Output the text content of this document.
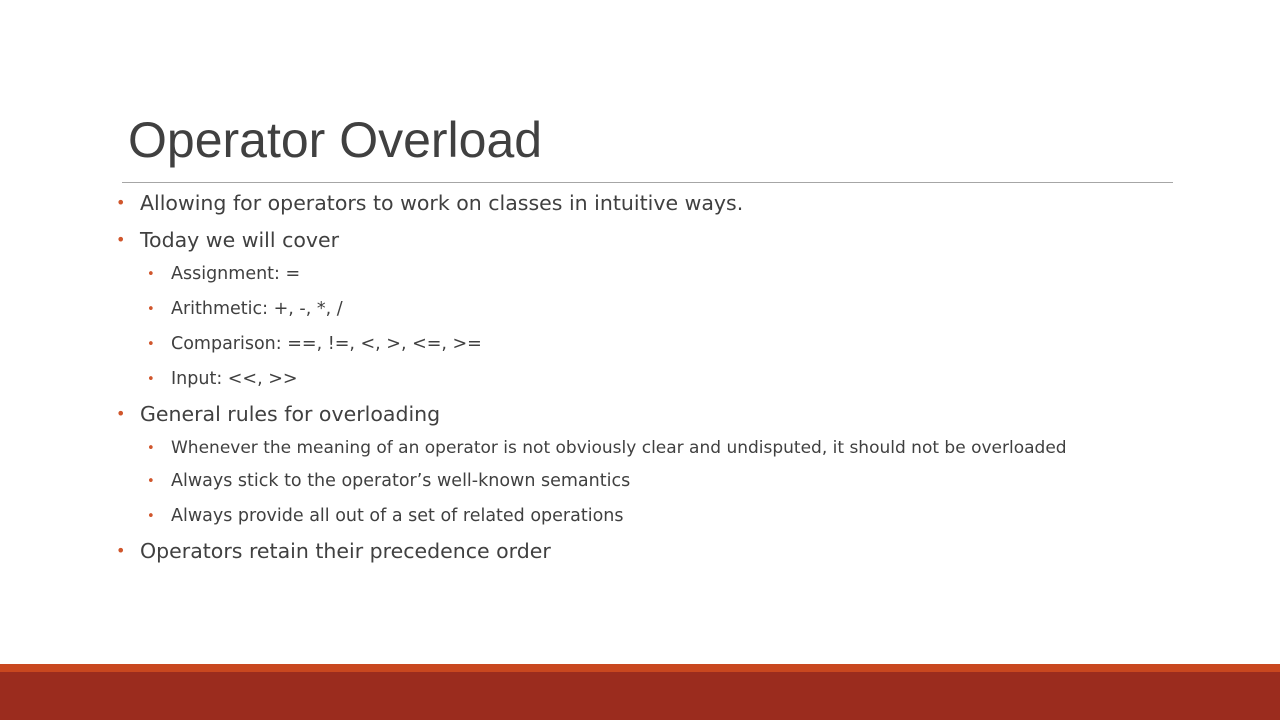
Operator Overload
• Allowing for operators to work on classes in intuitive ways.
• Today we will cover
• Assignment: =
• Arithmetic: +, -, *, /
• Comparison: ==, !=, <, >, <=, >=
• Input: <<, >>
• General rules for overloading
• Whenever the meaning of an operator is not obviously clear and undisputed, it should not be overloaded
• Always stick to the operator’s well-known semantics
• Always provide all out of a set of related operations
• Operators retain their precedence order
